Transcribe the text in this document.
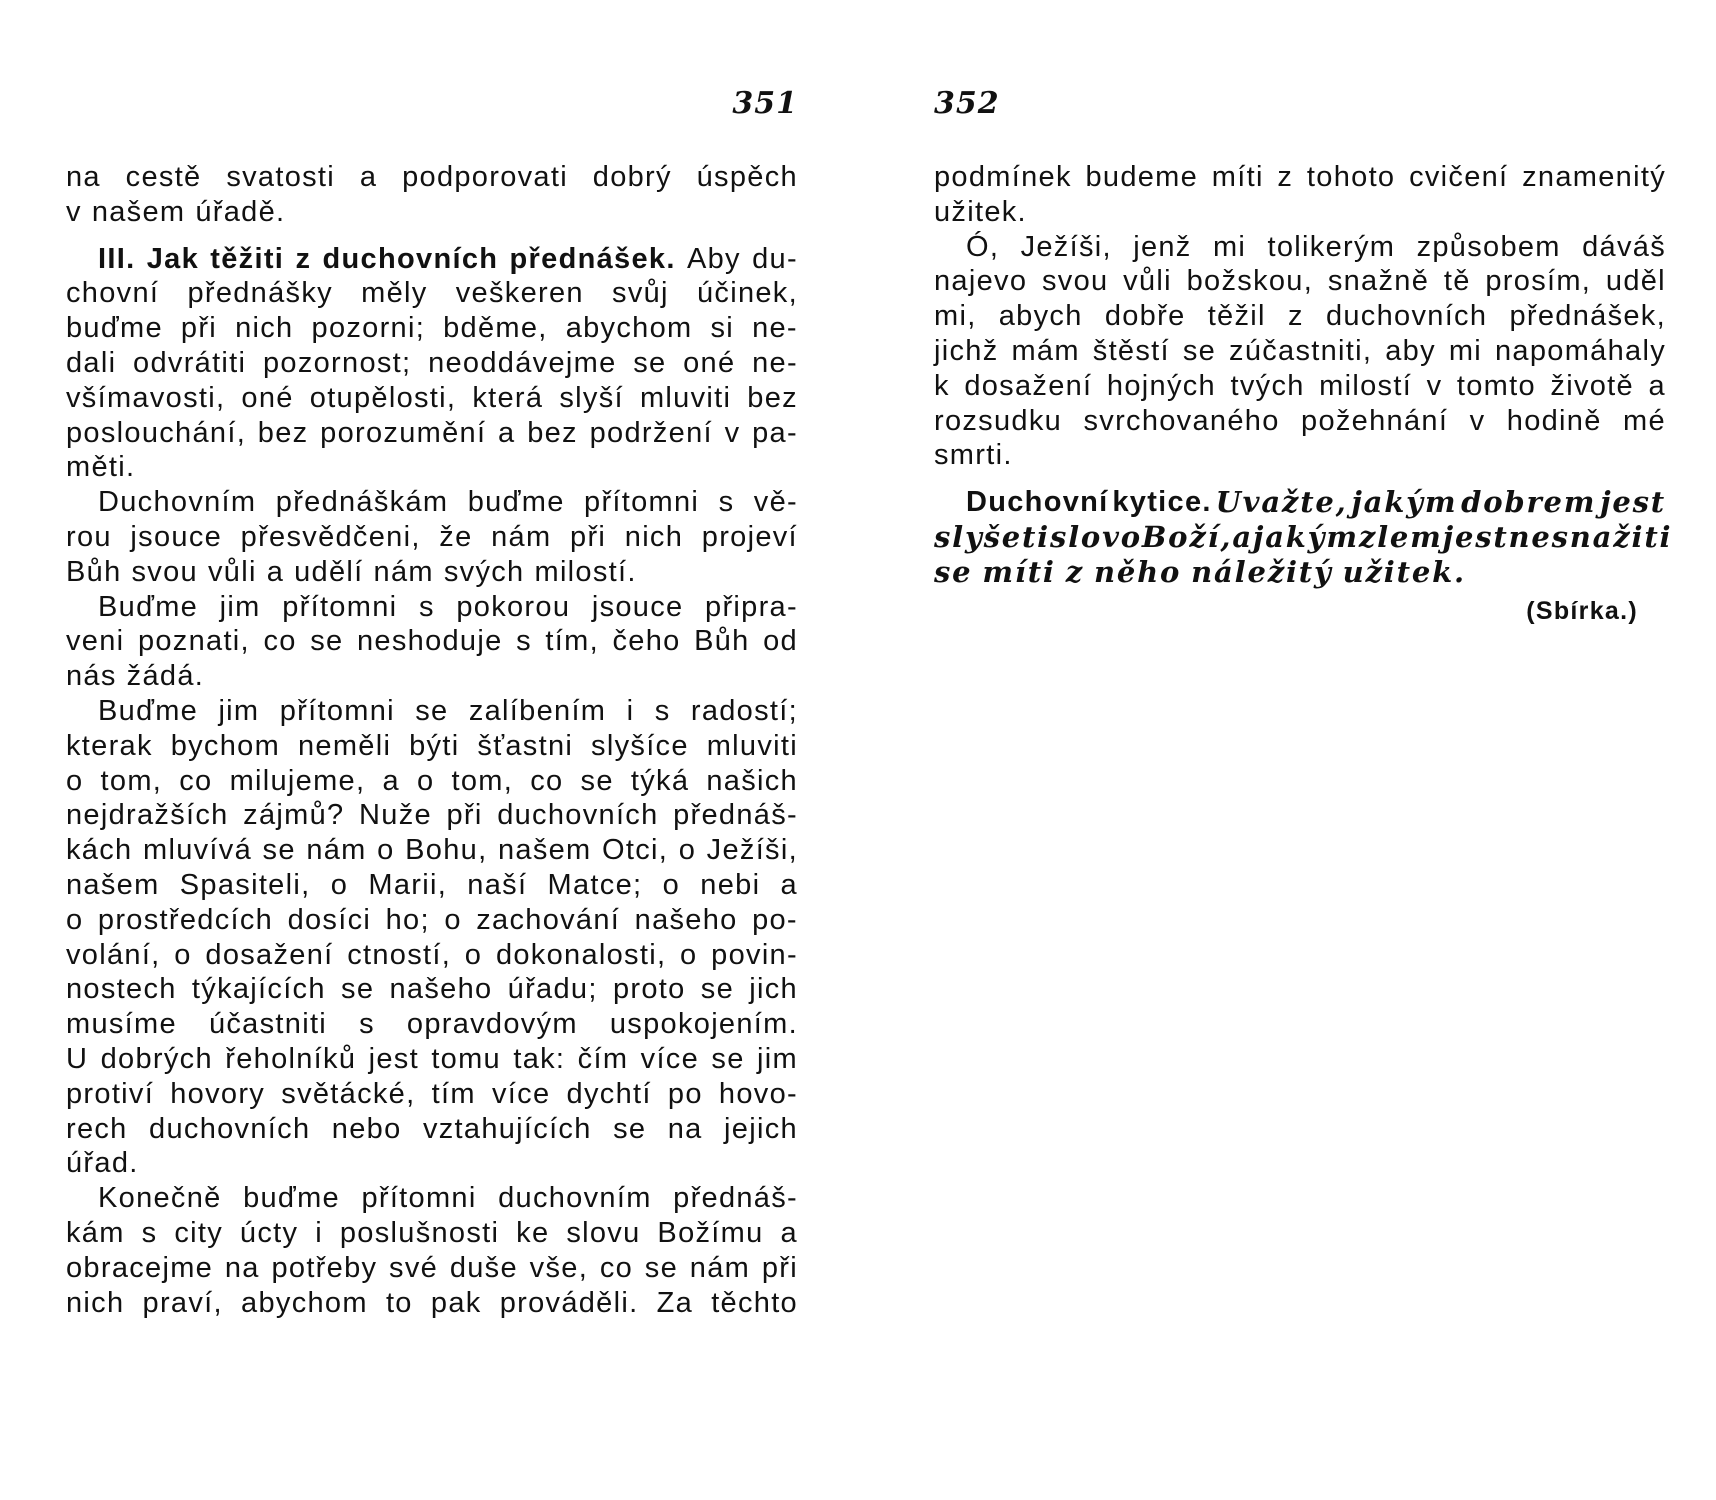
351
na cestě svatosti a podporovati dobrý úspěch
v našem úřadě.
III. Jak těžiti z duchovních přednášek. Aby du-
chovní přednášky měly veškeren svůj účinek,
buďme při nich pozorni; bděme, abychom si ne-
dali odvrátiti pozornost; neoddávejme se oné ne-
všímavosti, oné otupělosti, která slyší mluviti bez
poslouchání, bez porozumění a bez podržení v pa-
měti.
Duchovním přednáškám buďme přítomni s vě-
rou jsouce přesvědčeni, že nám při nich projeví
Bůh svou vůli a udělí nám svých milostí.
Buďme jim přítomni s pokorou jsouce připra-
veni poznati, co se neshoduje s tím, čeho Bůh od
nás žádá.
Buďme jim přítomni se zalíbením i s radostí;
kterak bychom neměli býti šťastni slyšíce mluviti
o tom, co milujeme, a o tom, co se týká našich
nejdražších zájmů? Nuže při duchovních přednáš-
kách mluvívá se nám o Bohu, našem Otci, o Ježíši,
našem Spasiteli, o Marii, naší Matce; o nebi a
o prostředcích dosíci ho; o zachování našeho po-
volání, o dosažení ctností, o dokonalosti, o povin-
nostech týkajících se našeho úřadu; proto se jich
musíme účastniti s opravdovým uspokojením.
U dobrých řeholníků jest tomu tak: čím více se jim
protiví hovory světácké, tím více dychtí po hovo-
rech duchovních nebo vztahujících se na jejich
úřad.
Konečně buďme přítomni duchovním přednáš-
kám s city úcty i poslušnosti ke slovu Božímu a
obracejme na potřeby své duše vše, co se nám při
nich praví, abychom to pak prováděli. Za těchto
352
podmínek budeme míti z tohoto cvičení znamenitý
užitek.
Ó, Ježíši, jenž mi tolikerým způsobem dáváš
najevo svou vůli božskou, snažně tě prosím, uděl
mi, abych dobře těžil z duchovních přednášek,
jichž mám štěstí se zúčastniti, aby mi napomáhaly
k dosažení hojných tvých milostí v tomto životě a
rozsudku svrchovaného požehnání v hodině mé
smrti.
Duchovní kytice. Uvažte, jakým dobrem jest
slyšeti slovo Boží, a jakým zlem jest nesnažiti
se míti z něho náležitý užitek.
(Sbírka.)
